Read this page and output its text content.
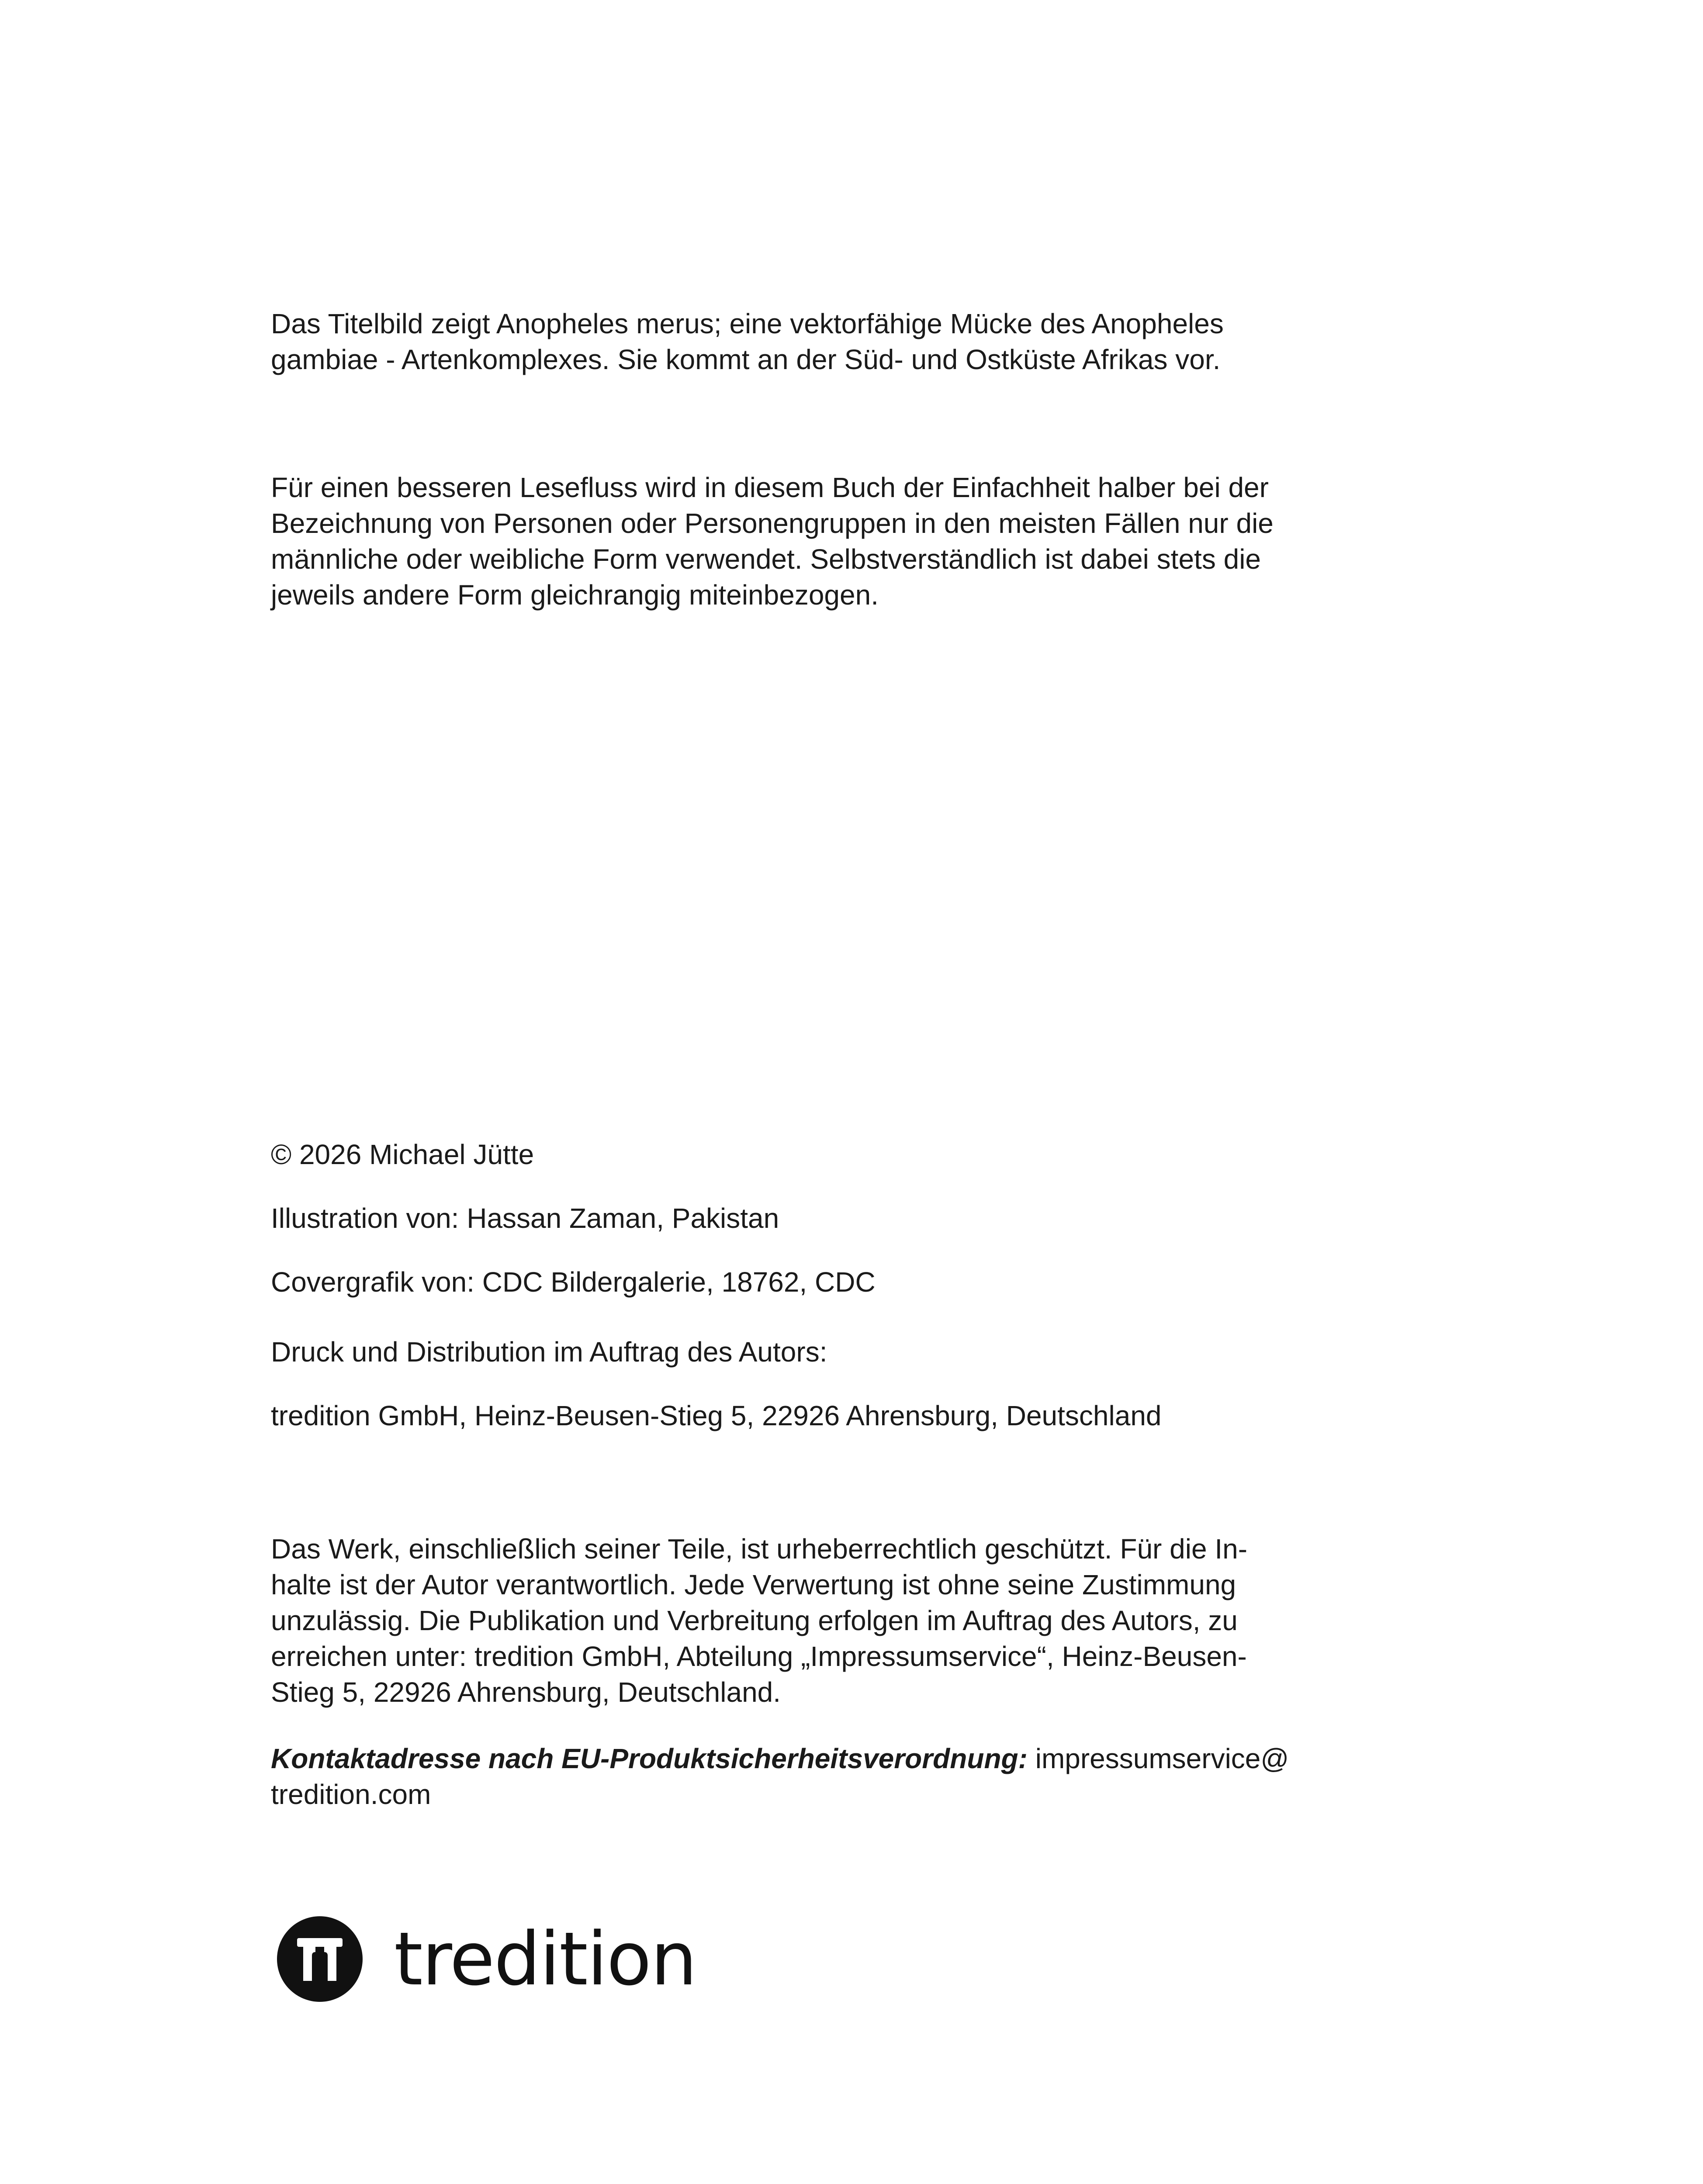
Das Titelbild zeigt Anopheles merus; eine vektorfähige Mücke des Anopheles
gambiae - Artenkomplexes. Sie kommt an der Süd- und Ostküste Afrikas vor.

Für einen besseren Lesefluss wird in diesem Buch der Einfachheit halber bei der
Bezeichnung von Personen oder Personengruppen in den meisten Fällen nur die
männliche oder weibliche Form verwendet. Selbstverständlich ist dabei stets die
jeweils andere Form gleichrangig miteinbezogen.

© 2026 Michael Jütte

Illustration von: Hassan Zaman, Pakistan

Covergrafik von: CDC Bildergalerie, 18762, CDC

Druck und Distribution im Auftrag des Autors:

tredition GmbH, Heinz-Beusen-Stieg 5, 22926 Ahrensburg, Deutschland

Das Werk, einschließlich seiner Teile, ist urheberrechtlich geschützt. Für die In-
halte ist der Autor verantwortlich. Jede Verwertung ist ohne seine Zustimmung
unzulässig. Die Publikation und Verbreitung erfolgen im Auftrag des Autors, zu
erreichen unter: tredition GmbH, Abteilung „Impressumservice“, Heinz-Beusen-
Stieg 5, 22926 Ahrensburg, Deutschland.

Kontaktadresse nach EU-Produktsicherheitsverordnung: impressumservice@
tredition.com

tredition
